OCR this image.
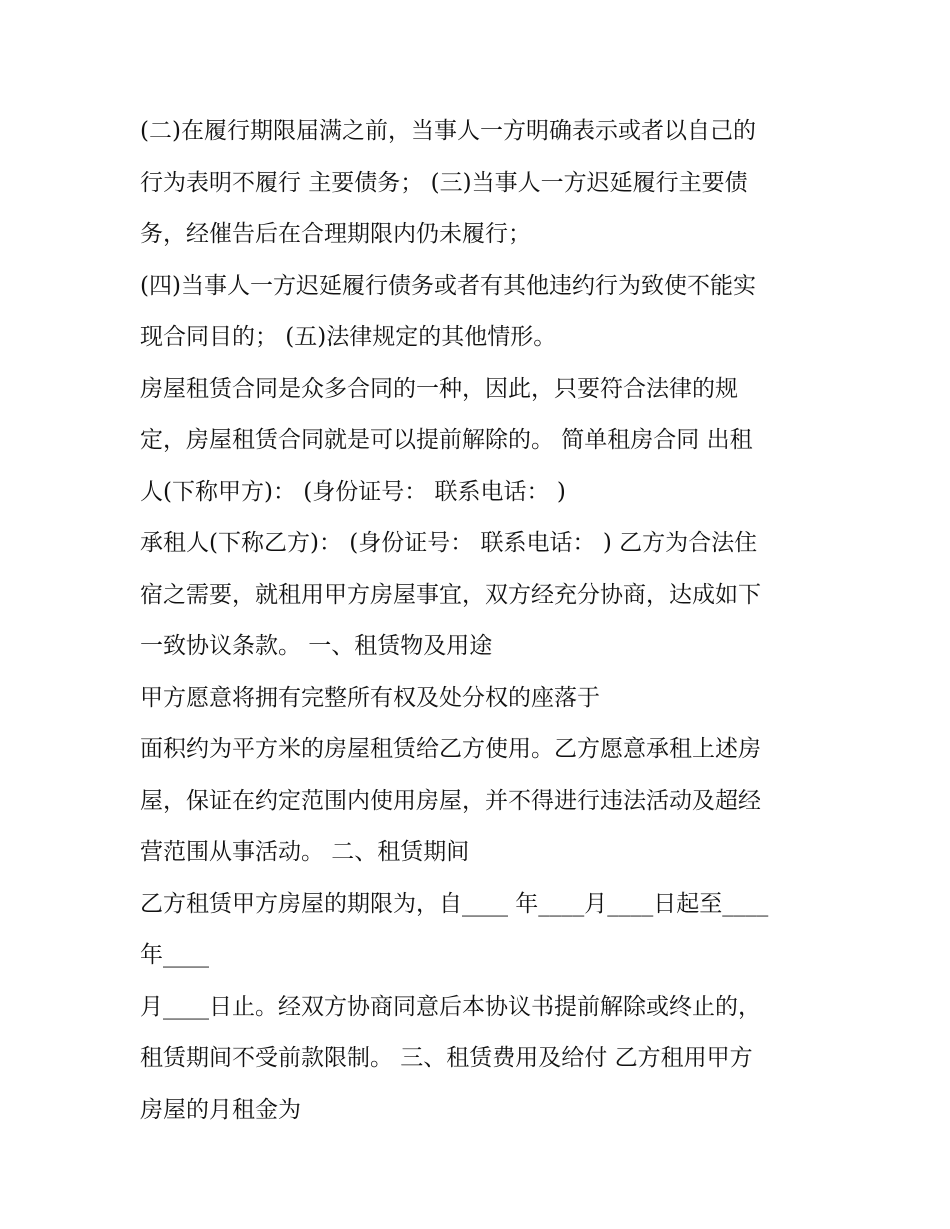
(二)在履行期限届满之前，当事人一方明确表示或者以自己的
行为表明不履行 主要债务； (三)当事人一方迟延履行主要债
务，经催告后在合理期限内仍未履行；
(四)当事人一方迟延履行债务或者有其他违约行为致使不能实
现合同目的； (五)法律规定的其他情形。
房屋租赁合同是众多合同的一种，因此，只要符合法律的规
定，房屋租赁合同就是可以提前解除的。 简单租房合同 出租
人(下称甲方)： (身份证号： 联系电话： )
承租人(下称乙方)： (身份证号： 联系电话： ) 乙方为合法住
宿之需要，就租用甲方房屋事宜，双方经充分协商，达成如下
一致协议条款。 一、租赁物及用途
甲方愿意将拥有完整所有权及处分权的座落于
面积约为平方米的房屋租赁给乙方使用。乙方愿意承租上述房
屋，保证在约定范围内使用房屋，并不得进行违法活动及超经
营范围从事活动。 二、租赁期间
乙方租赁甲方房屋的期限为，自____ 年____月____日起至____
年____
月____日止。经双方协商同意后本协议书提前解除或终止的，
租赁期间不受前款限制。 三、租赁费用及给付 乙方租用甲方
房屋的月租金为
